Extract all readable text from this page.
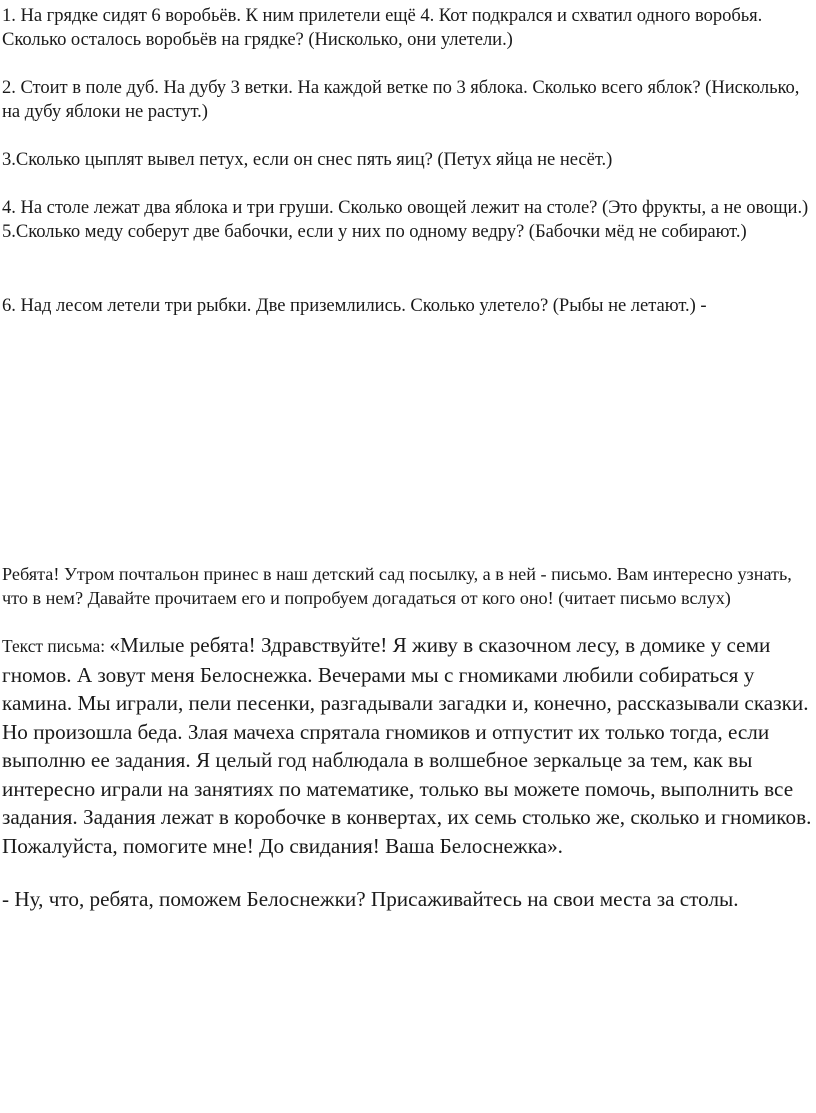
1. На грядке сидят 6 воробьёв. К ним прилетели ещё 4. Кот подкрался и схватил одного воробья. Сколько осталось воробьёв на грядке? (Нисколько, они улетели.)

2. Стоит в поле дуб. На дубу 3 ветки. На каждой ветке по 3 яблока. Сколько всего яблок? (Нисколько, на дубу яблоки не растут.)

3.Сколько цыплят вывел петух, если он снес пять яиц? (Петух яйца не несёт.)

4. На столе лежат два яблока и три груши. Сколько овощей лежит на столе? (Это фрукты, а не овощи.) 5.Сколько меду соберут две бабочки, если у них по одному ведру? (Бабочки мёд не собирают.)

6. Над лесом летели три рыбки. Две приземлились. Сколько улетело? (Рыбы не летают.) -

Ребята! Утром почтальон принес в наш детский сад посылку, а в ней - письмо. Вам интересно узнать, что в нем? Давайте прочитаем его и попробуем догадаться от кого оно! (читает письмо вслух)

Текст письма: «Милые ребята! Здравствуйте! Я живу в сказочном лесу, в домике у семи гномов. А зовут меня Белоснежка. Вечерами мы с гномиками любили собираться у камина. Мы играли, пели песенки, разгадывали загадки и, конечно, рассказывали сказки. Но произошла беда. Злая мачеха спрятала гномиков и отпустит их только тогда, если выполню ее задания. Я целый год наблюдала в волшебное зеркальце за тем, как вы интересно играли на занятиях по математике, только вы можете помочь, выполнить все задания. Задания лежат в коробочке в конвертах, их семь столько же, сколько и гномиков. Пожалуйста, помогите мне! До свидания! Ваша Белоснежка».

- Ну, что, ребята, поможем Белоснежки? Присаживайтесь на свои места за столы.
